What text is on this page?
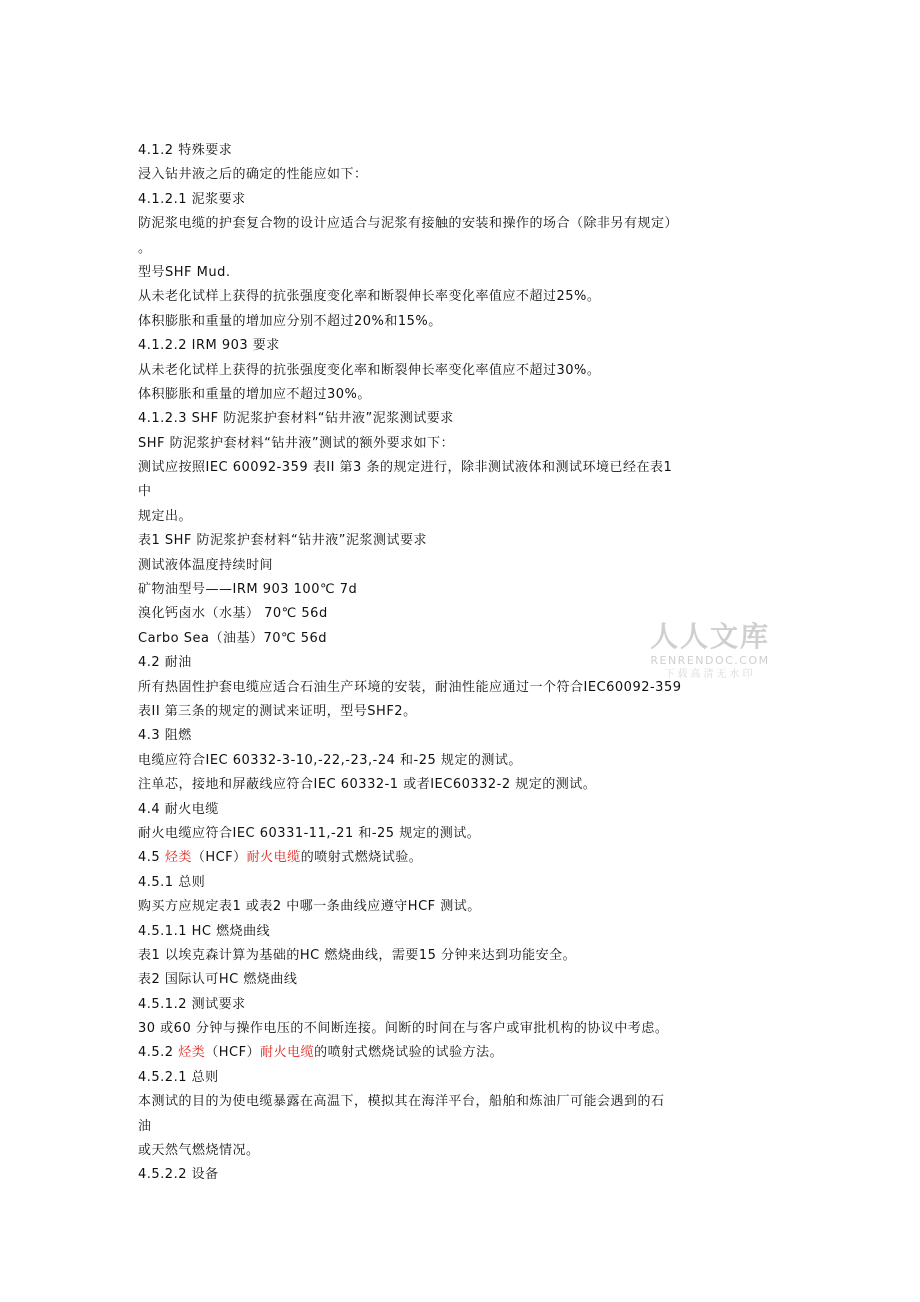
4.1.2 特殊要求
浸入钻井液之后的确定的性能应如下：
4.1.2.1 泥浆要求
防泥浆电缆的护套复合物的设计应适合与泥浆有接触的安装和操作的场合（除非另有规定）
。
型号SHF Mud.
从未老化试样上获得的抗张强度变化率和断裂伸长率变化率值应不超过25%。
体积膨胀和重量的增加应分别不超过20%和15%。
4.1.2.2 IRM 903 要求
从未老化试样上获得的抗张强度变化率和断裂伸长率变化率值应不超过30%。
体积膨胀和重量的增加应不超过30%。
4.1.2.3 SHF 防泥浆护套材料“钻井液”泥浆测试要求
SHF 防泥浆护套材料“钻井液”测试的额外要求如下：
测试应按照IEC 60092-359 表II 第3 条的规定进行，除非测试液体和测试环境已经在表1
中
规定出。
表1 SHF 防泥浆护套材料“钻井液”泥浆测试要求
测试液体温度持续时间
矿物油型号——IRM 903 100℃ 7d
溴化钙卤水（水基） 70℃ 56d
Carbo Sea（油基）70℃ 56d
4.2 耐油
所有热固性护套电缆应适合石油生产环境的安装，耐油性能应通过一个符合IEC60092-359
表II 第三条的规定的测试来证明，型号SHF2。
4.3 阻燃
电缆应符合IEC 60332-3-10,-22,-23,-24 和-25 规定的测试。
注单芯，接地和屏蔽线应符合IEC 60332-1 或者IEC60332-2 规定的测试。
4.4 耐火电缆
耐火电缆应符合IEC 60331-11,-21 和-25 规定的测试。
4.5 烃类（HCF）耐火电缆的喷射式燃烧试验。
4.5.1 总则
购买方应规定表1 或表2 中哪一条曲线应遵守HCF 测试。
4.5.1.1 HC 燃烧曲线
表1 以埃克森计算为基础的HC 燃烧曲线，需要15 分钟来达到功能安全。
表2 国际认可HC 燃烧曲线
4.5.1.2 测试要求
30 或60 分钟与操作电压的不间断连接。间断的时间在与客户或审批机构的协议中考虑。
4.5.2 烃类（HCF）耐火电缆的喷射式燃烧试验的试验方法。
4.5.2.1 总则
本测试的目的为使电缆暴露在高温下，模拟其在海洋平台，船舶和炼油厂可能会遇到的石
油
或天然气燃烧情况。
4.5.2.2 设备
人人文库
RENRENDOC.COM
下载高清无水印
